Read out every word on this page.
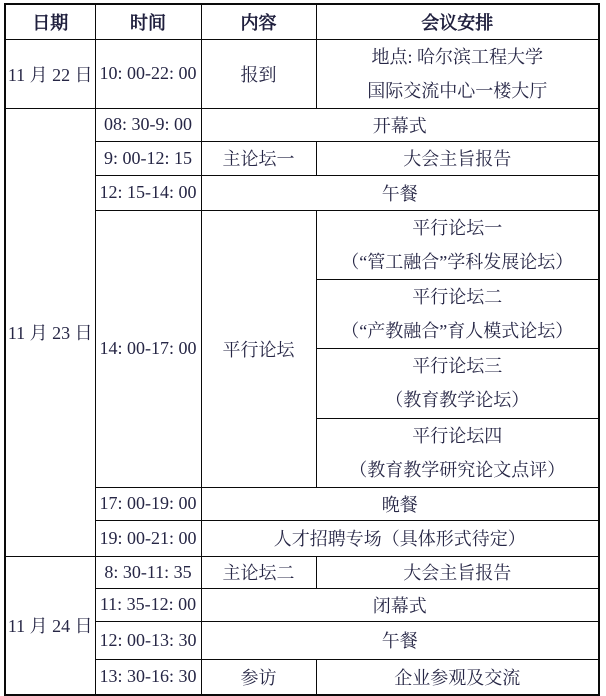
日期	时间	内容	会议安排
11 月 22 日	10: 00-22: 00	报到	地点: 哈尔滨工程大学
国际交流中心一楼大厅

11 月 23 日	08: 30-9: 00	开幕式	
	9: 00-12: 15	主论坛一	大会主旨报告
	12: 15-14: 00	午餐	
	14: 00-17: 00	平行论坛	平行论坛一
（“管工融合”学科发展论坛）

			平行论坛二
（“产教融合”育人模式论坛）

			平行论坛三
（教育教学论坛）

			平行论坛四
（教育教学研究论文点评）

	17: 00-19: 00	晚餐	
	19: 00-21: 00	人才招聘专场（具体形式待定）	
11 月 24 日	8: 30-11: 35	主论坛二	大会主旨报告
	11: 35-12: 00	闭幕式	
	12: 00-13: 30	午餐	
	13: 30-16: 30	参访	企业参观及交流
